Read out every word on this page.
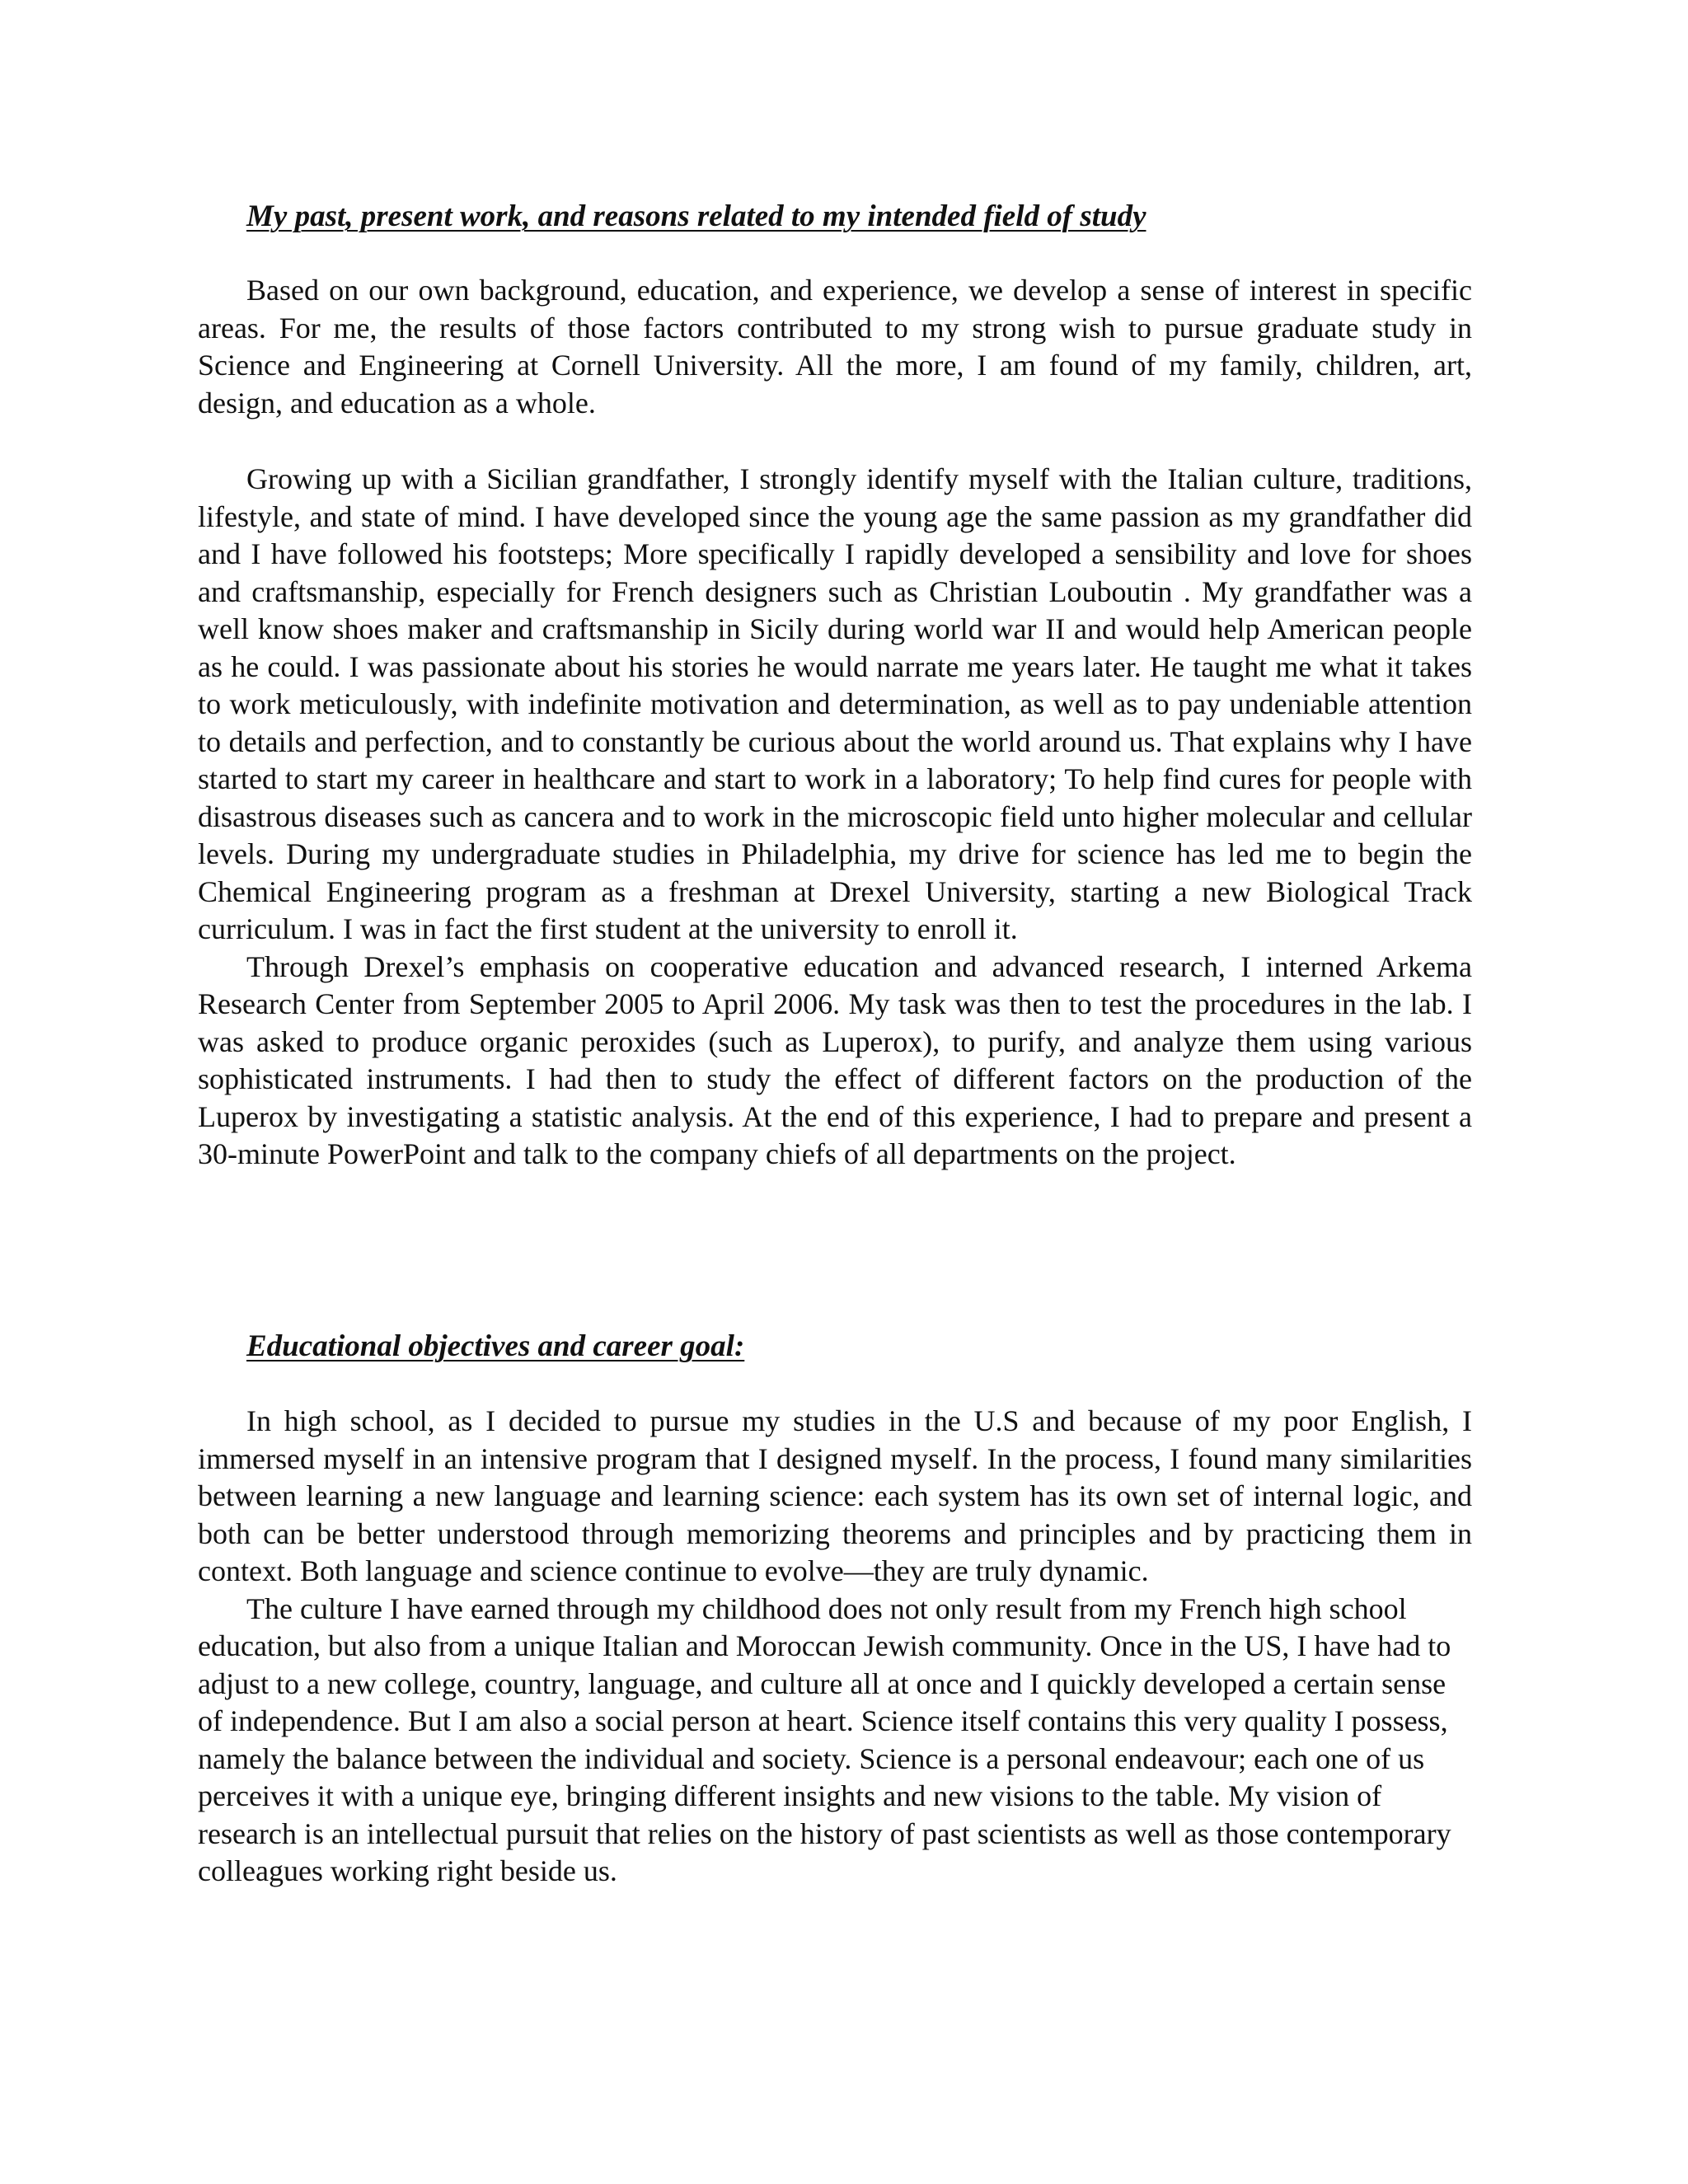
My past, present work, and reasons related to my intended field of study

Based on our own background, education, and experience, we develop a sense of interest in specific areas. For me, the results of those factors contributed to my strong wish to pursue graduate study in Science and Engineering at Cornell University. All the more, I am found of my family, children, art, design, and education as a whole.

Growing up with a Sicilian grandfather, I strongly identify myself with the Italian culture, traditions, lifestyle, and state of mind. I have developed since the young age the same passion as my grandfather did and I have followed his footsteps; More specifically I rapidly developed a sensibility and love for shoes and craftsmanship, especially for French designers such as Christian Louboutin . My grandfather was a well know shoes maker and craftsmanship in Sicily during world war II and would help American people as he could. I was passionate about his stories he would narrate me years later. He taught me what it takes to work meticulously, with indefinite motivation and determination, as well as to pay undeniable attention to details and perfection, and to constantly be curious about the world around us. That explains why I have started to start my career in healthcare and start to work in a laboratory; To help find cures for people with disastrous diseases such as cancera and to work in the microscopic field unto higher molecular and cellular levels. During my undergraduate studies in Philadelphia, my drive for science has led me to begin the Chemical Engineering program as a freshman at Drexel University, starting a new Biological Track curriculum. I was in fact the first student at the university to enroll it.

Through Drexel’s emphasis on cooperative education and advanced research, I interned Arkema Research Center from September 2005 to April 2006. My task was then to test the procedures in the lab. I was asked to produce organic peroxides (such as Luperox), to purify, and analyze them using various sophisticated instruments. I had then to study the effect of different factors on the production of the Luperox by investigating a statistic analysis. At the end of this experience, I had to prepare and present a 30-minute PowerPoint and talk to the company chiefs of all departments on the project.

Educational objectives and career goal:

In high school, as I decided to pursue my studies in the U.S and because of my poor English, I immersed myself in an intensive program that I designed myself. In the process, I found many similarities between learning a new language and learning science: each system has its own set of internal logic, and both can be better understood through memorizing theorems and principles and by practicing them in context. Both language and science continue to evolve—they are truly dynamic.

The culture I have earned through my childhood does not only result from my French high school education, but also from a unique Italian and Moroccan Jewish community. Once in the US, I have had to adjust to a new college, country, language, and culture all at once and I quickly developed a certain sense of independence. But I am also a social person at heart. Science itself contains this very quality I possess, namely the balance between the individual and society. Science is a personal endeavour; each one of us perceives it with a unique eye, bringing different insights and new visions to the table. My vision of research is an intellectual pursuit that relies on the history of past scientists as well as those contemporary colleagues working right beside us.
